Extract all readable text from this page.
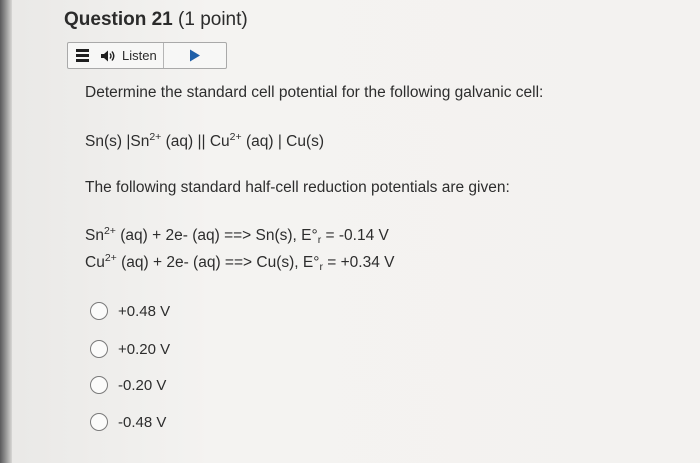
Question 21 (1 point)
Listen
Determine the standard cell potential for the following galvanic cell:
Sn(s) $|Sn^{2+}$ (aq) || $Cu^{2+}$ (aq) | Cu(s)
The following standard half-cell reduction potentials are given:
$Sn^{2+}$ (aq) + 2e- (aq) ==> Sn(s), $E^\circ_r = -0.14$ V
$Cu^{2+}$ (aq) + 2e- (aq) ==> Cu(s), $E^\circ_r = +0.34$ V
+0.48 V
+0.20 V
-0.20 V
-0.48 V
